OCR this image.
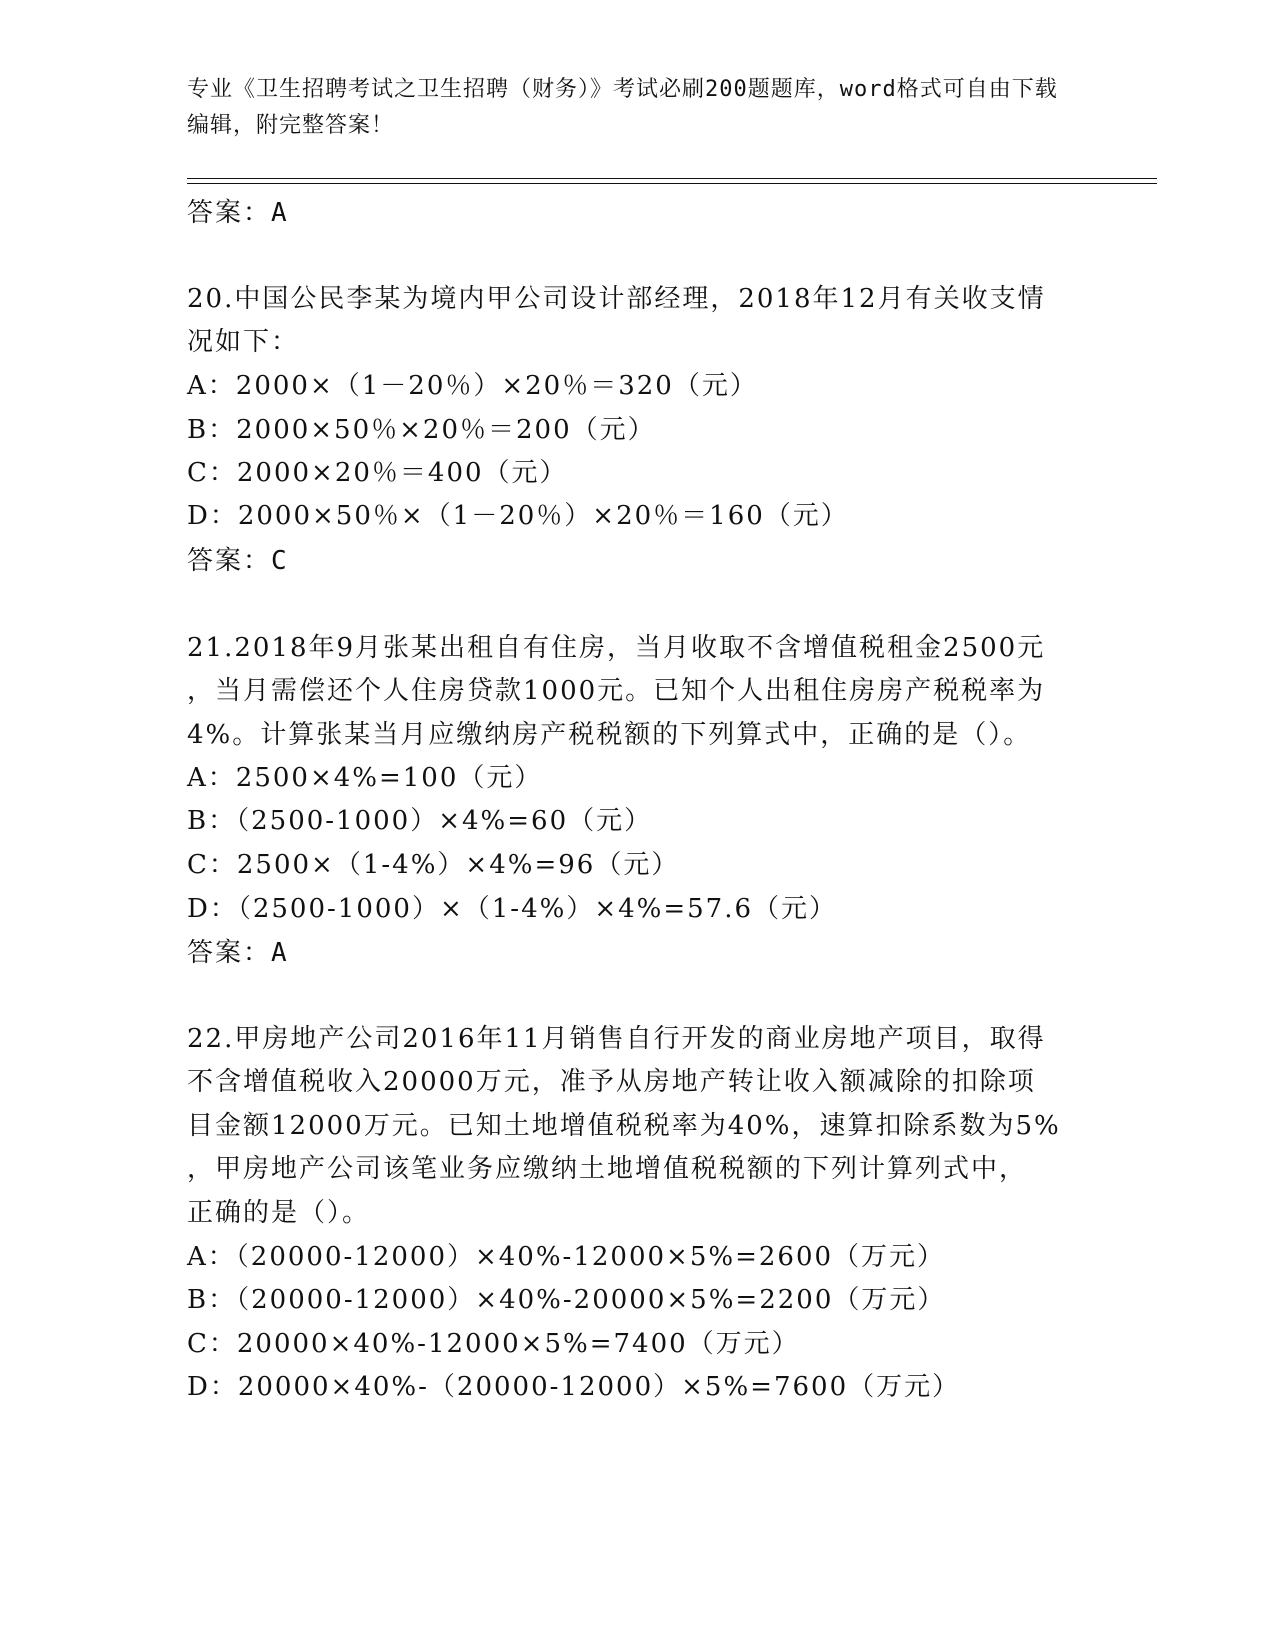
专业《卫生招聘考试之卫生招聘（财务）》考试必刷200题题库，word格式可自由下载编辑，附完整答案！
答案：A
20.中国公民李某为境内甲公司设计部经理，2018年12月有关收支情
况如下：
A：2000×（1－20％）×20％＝320（元）
B：2000×50％×20％＝200（元）
C：2000×20％＝400（元）
D：2000×50％×（1－20％）×20％＝160（元）
答案：C
21.2018年9月张某出租自有住房，当月收取不含增值税租金2500元
，当月需偿还个人住房贷款1000元。已知个人出租住房房产税税率为
4%。计算张某当月应缴纳房产税税额的下列算式中，正确的是（）。
A：2500×4%=100（元）
B：（2500-1000）×4%=60（元）
C：2500×（1-4%）×4%=96（元）
D：（2500-1000）×（1-4%）×4%=57.6（元）
答案：A
22.甲房地产公司2016年11月销售自行开发的商业房地产项目，取得
不含增值税收入20000万元，准予从房地产转让收入额减除的扣除项
目金额12000万元。已知土地增值税税率为40%，速算扣除系数为5%
，甲房地产公司该笔业务应缴纳土地增值税税额的下列计算列式中，
正确的是（）。
A：（20000-12000）×40%-12000×5%=2600（万元）
B：（20000-12000）×40%-20000×5%=2200（万元）
C：20000×40%-12000×5%=7400（万元）
D：20000×40%-（20000-12000）×5%=7600（万元）
